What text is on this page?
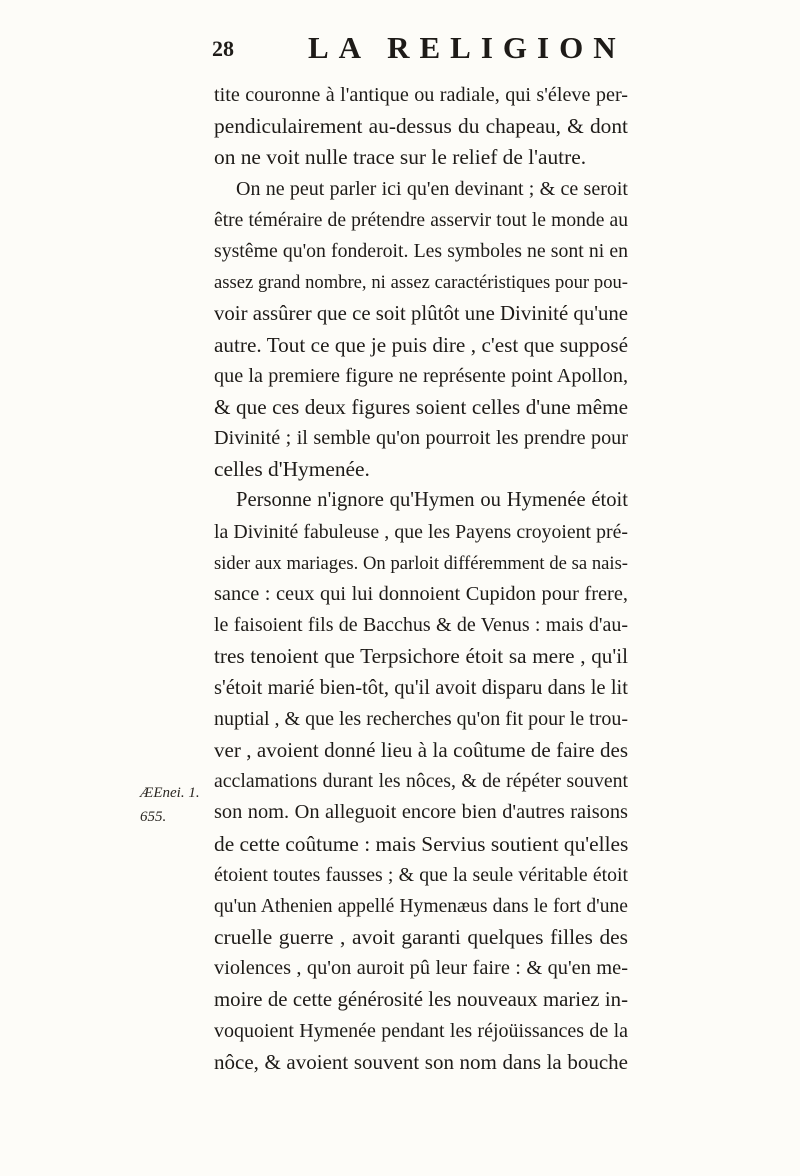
28 LA RELIGION
ÆEnei. 1.
655.
tite couronne à l'antique ou radiale, qui s'éleve per-
pendiculairement au-dessus du chapeau, & dont
on ne voit nulle trace sur le relief de l'autre.
On ne peut parler ici qu'en devinant ; & ce seroit
être téméraire de prétendre asservir tout le monde au
systême qu'on fonderoit. Les symboles ne sont ni en
assez grand nombre, ni assez caractéristiques pour pou-
voir assûrer que ce soit plûtôt une Divinité qu'une
autre. Tout ce que je puis dire , c'est que supposé
que la premiere figure ne représente point Apollon,
& que ces deux figures soient celles d'une même
Divinité ; il semble qu'on pourroit les prendre pour
celles d'Hymenée.
Personne n'ignore qu'Hymen ou Hymenée étoit
la Divinité fabuleuse , que les Payens croyoient pré-
sider aux mariages. On parloit différemment de sa nais-
sance : ceux qui lui donnoient Cupidon pour frere,
le faisoient fils de Bacchus & de Venus : mais d'au-
tres tenoient que Terpsichore étoit sa mere , qu'il
s'étoit marié bien-tôt, qu'il avoit disparu dans le lit
nuptial , & que les recherches qu'on fit pour le trou-
ver , avoient donné lieu à la coûtume de faire des
acclamations durant les nôces, & de répéter souvent
son nom. On alleguoit encore bien d'autres raisons
de cette coûtume : mais Servius soutient qu'elles
étoient toutes fausses ; & que la seule véritable étoit
qu'un Athenien appellé Hymenæus dans le fort d'une
cruelle guerre , avoit garanti quelques filles des
violences , qu'on auroit pû leur faire : & qu'en me-
moire de cette générosité les nouveaux mariez in-
voquoient Hymenée pendant les réjoüissances de la
nôce, & avoient souvent son nom dans la bouche
